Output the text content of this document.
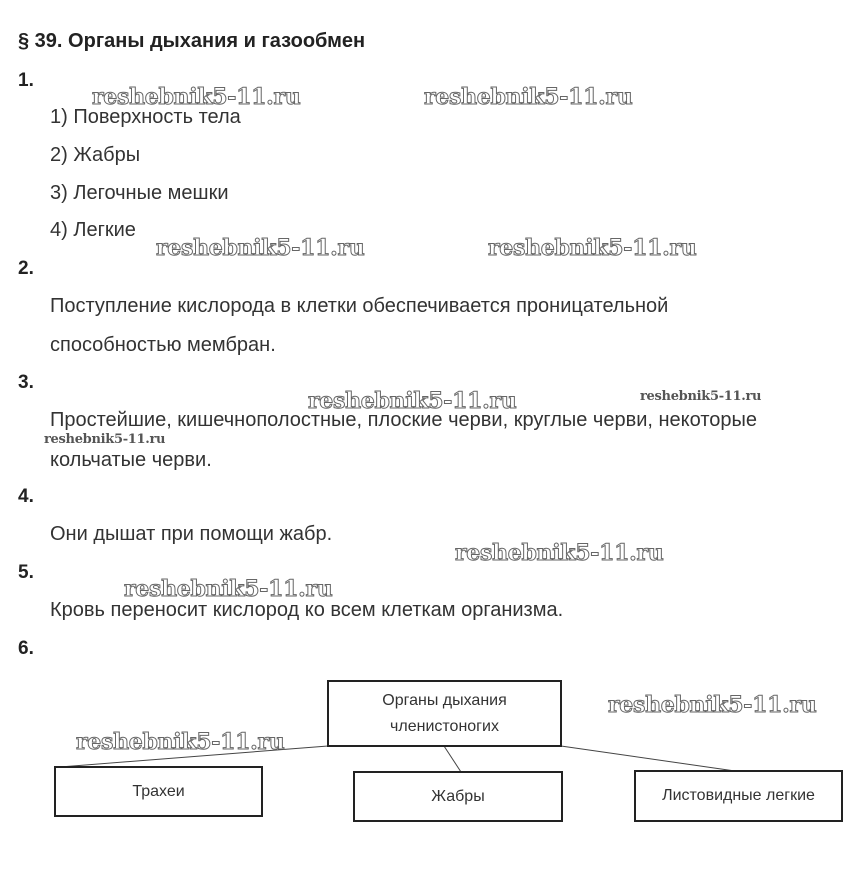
§ 39. Органы дыхания и газообмен
1.
2.
3.
4.
5.
6.
1) Поверхность тела
2) Жабры
3) Легочные мешки
4) Легкие
Поступление кислорода в клетки обеспечивается проницательной
способностью мембран.
Простейшие, кишечнополостные, плоские черви, круглые черви, некоторые
кольчатые черви.
Они дышат при помощи жабр.
Кровь переносит кислород ко всем клеткам организма.
Органы дыхания
членистоногих
Трахеи	Жабры	Листовидные легкие
reshebnik5-11.ru	reshebnik5-11.ru
reshebnik5-11.ru	reshebnik5-11.ru
reshebnik5-11.ru	reshebnik5-11.ru
reshebnik5-11.ru
reshebnik5-11.ru
reshebnik5-11.ru
reshebnik5-11.ru
reshebnik5-11.ru
